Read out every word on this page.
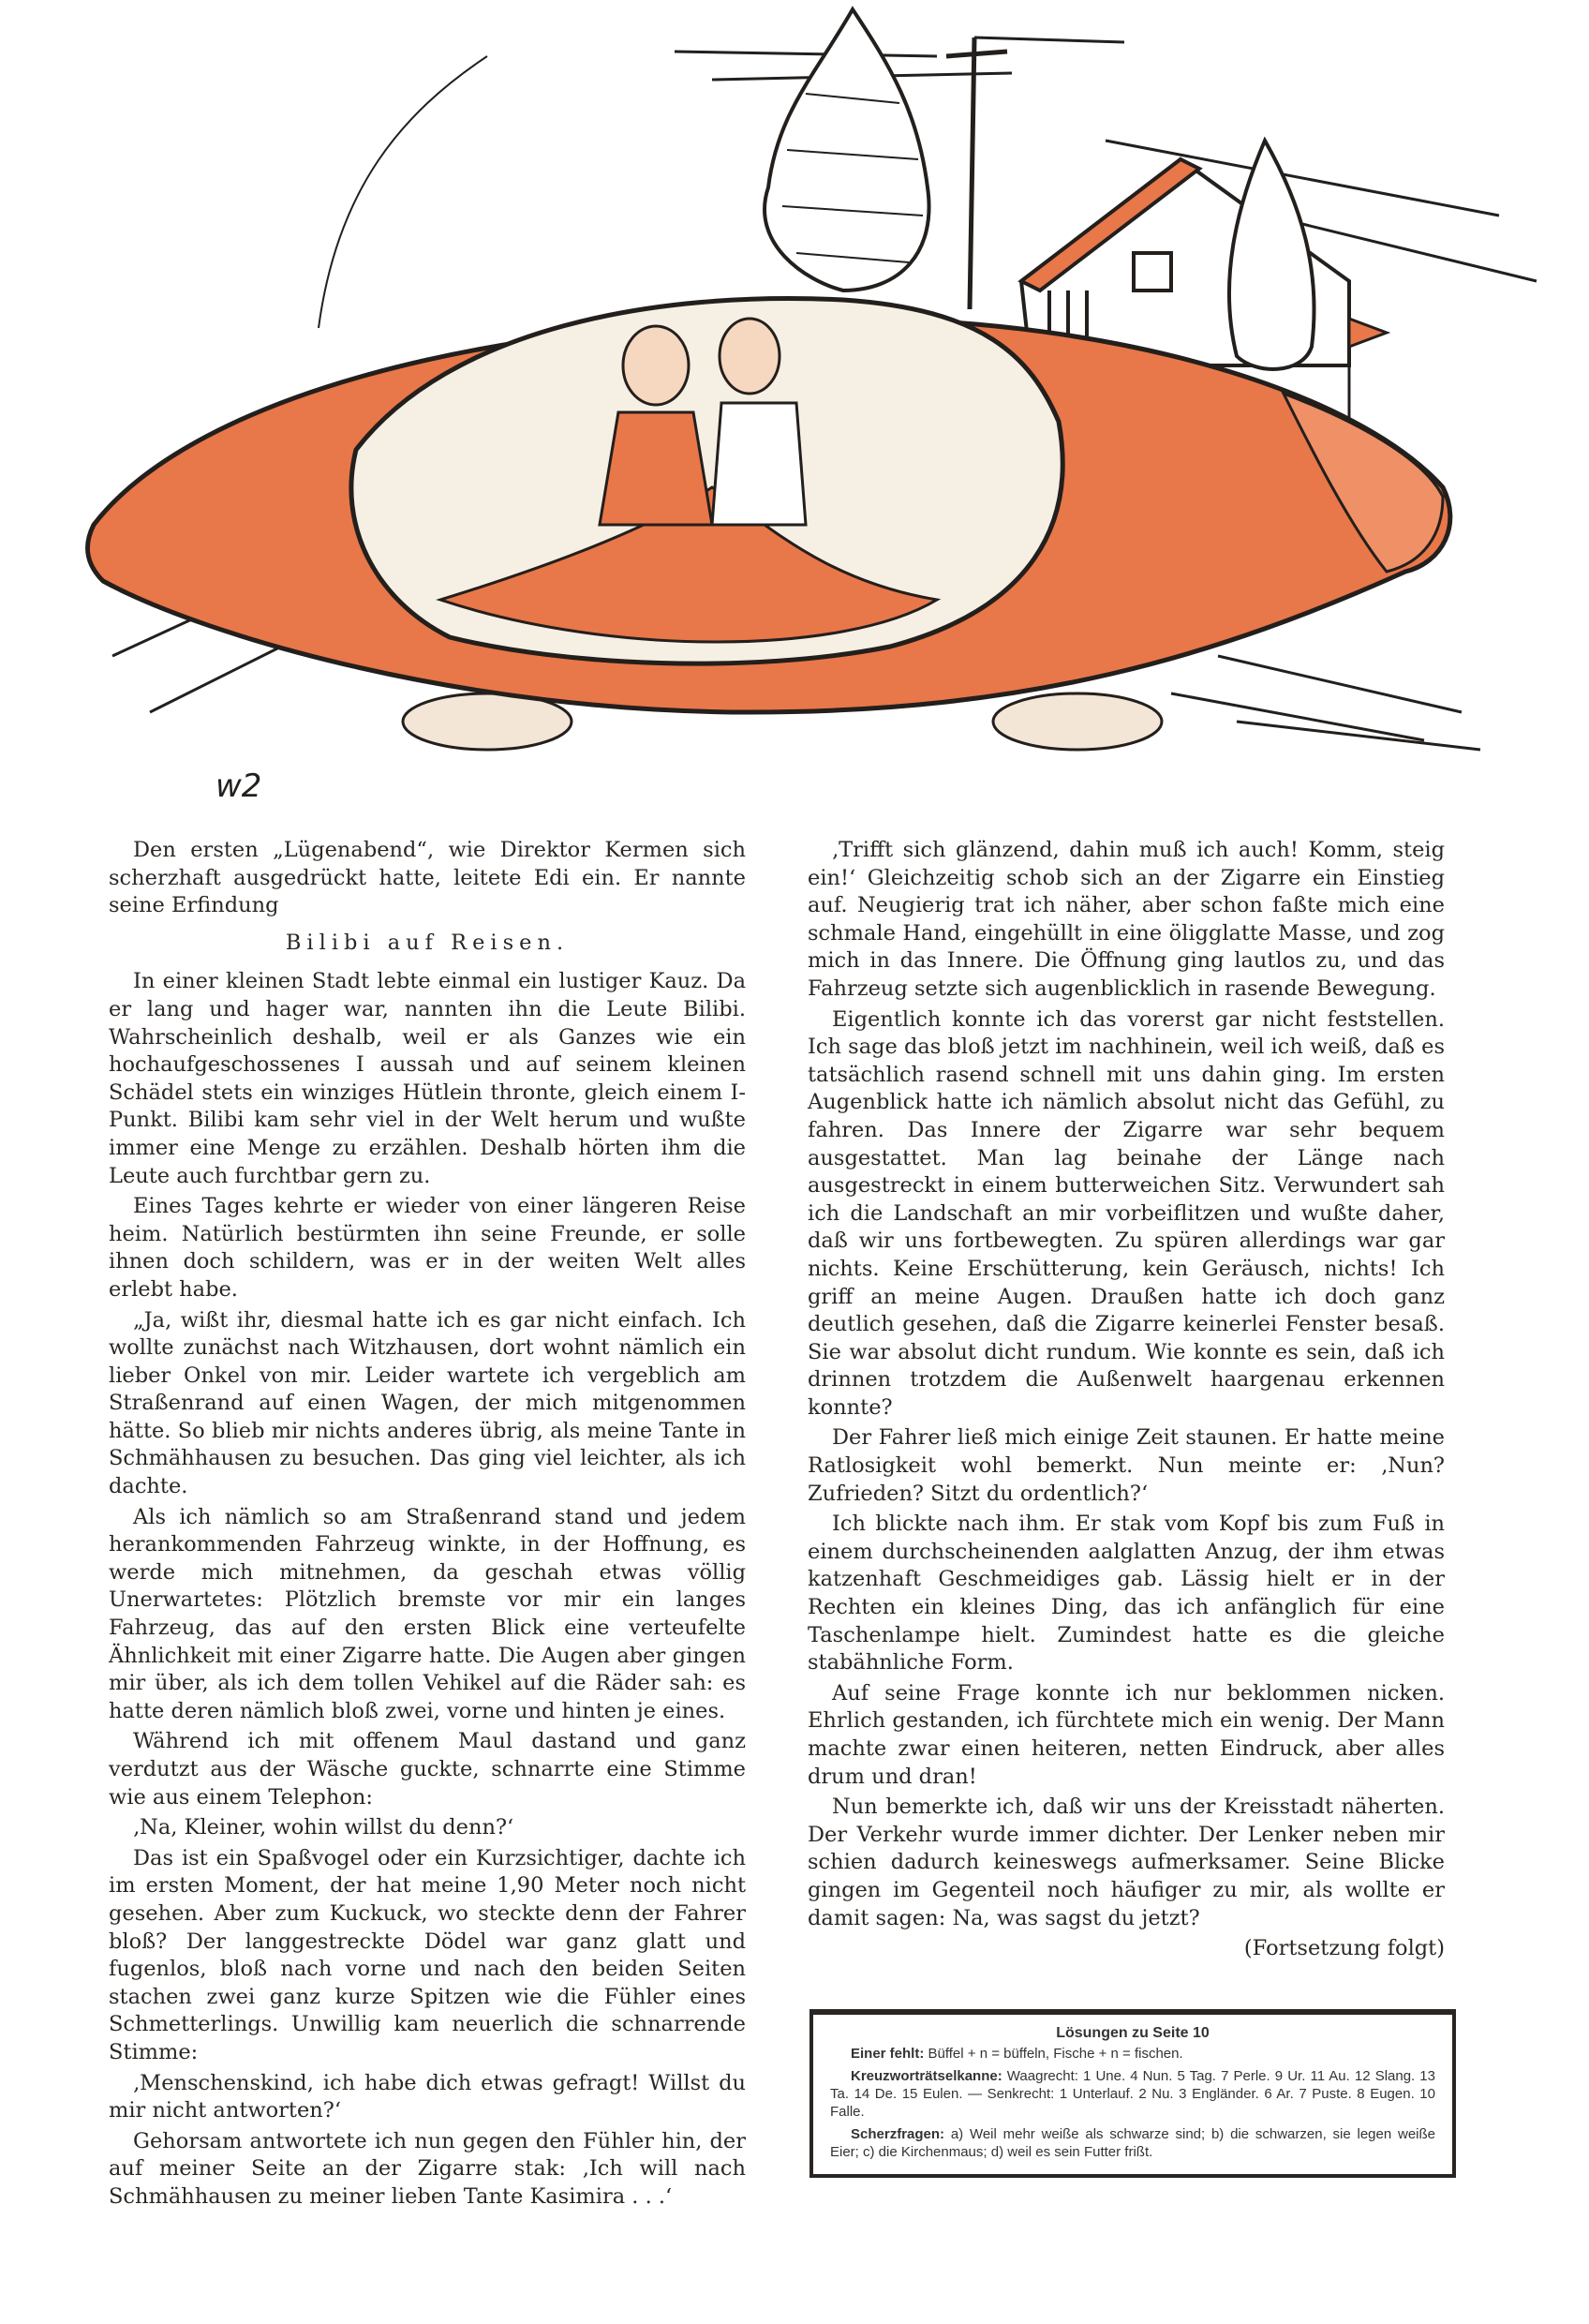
w2

Den ersten „Lügenabend“, wie Direktor Kermen sich scherzhaft ausgedrückt hatte, leitete Edi ein. Er nannte seine Erfindung

Bilibi auf Reisen.

In einer kleinen Stadt lebte einmal ein lustiger Kauz. Da er lang und hager war, nannten ihn die Leute Bilibi. Wahrscheinlich deshalb, weil er als Ganzes wie ein hochaufgeschossenes I aussah und auf seinem kleinen Schädel stets ein winziges Hütlein thronte, gleich einem I-Punkt. Bilibi kam sehr viel in der Welt herum und wußte immer eine Menge zu erzählen. Deshalb hörten ihm die Leute auch furchtbar gern zu.

Eines Tages kehrte er wieder von einer längeren Reise heim. Natürlich bestürmten ihn seine Freunde, er solle ihnen doch schildern, was er in der weiten Welt alles erlebt habe.

„Ja, wißt ihr, diesmal hatte ich es gar nicht einfach. Ich wollte zunächst nach Witzhausen, dort wohnt nämlich ein lieber Onkel von mir. Leider wartete ich vergeblich am Straßenrand auf einen Wagen, der mich mitgenommen hätte. So blieb mir nichts anderes übrig, als meine Tante in Schmähhausen zu besuchen. Das ging viel leichter, als ich dachte.

Als ich nämlich so am Straßenrand stand und jedem herankommenden Fahrzeug winkte, in der Hoffnung, es werde mich mitnehmen, da geschah etwas völlig Unerwartetes: Plötzlich bremste vor mir ein langes Fahrzeug, das auf den ersten Blick eine verteufelte Ähnlichkeit mit einer Zigarre hatte. Die Augen aber gingen mir über, als ich dem tollen Vehikel auf die Räder sah: es hatte deren nämlich bloß zwei, vorne und hinten je eines.

Während ich mit offenem Maul dastand und ganz verdutzt aus der Wäsche guckte, schnarrte eine Stimme wie aus einem Telephon:

‚Na, Kleiner, wohin willst du denn?‘

Das ist ein Spaßvogel oder ein Kurzsichtiger, dachte ich im ersten Moment, der hat meine 1,90 Meter noch nicht gesehen. Aber zum Kuckuck, wo steckte denn der Fahrer bloß? Der langgestreckte Dödel war ganz glatt und fugenlos, bloß nach vorne und nach den beiden Seiten stachen zwei ganz kurze Spitzen wie die Fühler eines Schmetterlings. Unwillig kam neuerlich die schnarrende Stimme:

‚Menschenskind, ich habe dich etwas gefragt! Willst du mir nicht antworten?‘

Gehorsam antwortete ich nun gegen den Fühler hin, der auf meiner Seite an der Zigarre stak: ‚Ich will nach Schmähhausen zu meiner lieben Tante Kasimira . . .‘

‚Trifft sich glänzend, dahin muß ich auch! Komm, steig ein!‘ Gleichzeitig schob sich an der Zigarre ein Einstieg auf. Neugierig trat ich näher, aber schon faßte mich eine schmale Hand, eingehüllt in eine öligglatte Masse, und zog mich in das Innere. Die Öffnung ging lautlos zu, und das Fahrzeug setzte sich augenblicklich in rasende Bewegung.

Eigentlich konnte ich das vorerst gar nicht feststellen. Ich sage das bloß jetzt im nachhinein, weil ich weiß, daß es tatsächlich rasend schnell mit uns dahin ging. Im ersten Augenblick hatte ich nämlich absolut nicht das Gefühl, zu fahren. Das Innere der Zigarre war sehr bequem ausgestattet. Man lag beinahe der Länge nach ausgestreckt in einem butterweichen Sitz. Verwundert sah ich die Landschaft an mir vorbeiflitzen und wußte daher, daß wir uns fortbewegten. Zu spüren allerdings war gar nichts. Keine Erschütterung, kein Geräusch, nichts! Ich griff an meine Augen. Draußen hatte ich doch ganz deutlich gesehen, daß die Zigarre keinerlei Fenster besaß. Sie war absolut dicht rundum. Wie konnte es sein, daß ich drinnen trotzdem die Außenwelt haargenau erkennen konnte?

Der Fahrer ließ mich einige Zeit staunen. Er hatte meine Ratlosigkeit wohl bemerkt. Nun meinte er: ‚Nun? Zufrieden? Sitzt du ordentlich?‘

Ich blickte nach ihm. Er stak vom Kopf bis zum Fuß in einem durchscheinenden aalglatten Anzug, der ihm etwas katzenhaft Geschmeidiges gab. Lässig hielt er in der Rechten ein kleines Ding, das ich anfänglich für eine Taschenlampe hielt. Zumindest hatte es die gleiche stabähnliche Form.

Auf seine Frage konnte ich nur beklommen nicken. Ehrlich gestanden, ich fürchtete mich ein wenig. Der Mann machte zwar einen heiteren, netten Eindruck, aber alles drum und dran!

Nun bemerkte ich, daß wir uns der Kreisstadt näherten. Der Verkehr wurde immer dichter. Der Lenker neben mir schien dadurch keineswegs aufmerksamer. Seine Blicke gingen im Gegenteil noch häufiger zu mir, als wollte er damit sagen: Na, was sagst du jetzt?

(Fortsetzung folgt)
Lösungen zu Seite 10

Einer fehlt: Büffel + n = büffeln, Fische + n = fischen.

Kreuzworträtselkanne: Waagrecht: 1 Une. 4 Nun. 5 Tag. 7 Perle. 9 Ur. 11 Au. 12 Slang. 13 Ta. 14 De. 15 Eulen. — Senkrecht: 1 Unterlauf. 2 Nu. 3 Engländer. 6 Ar. 7 Puste. 8 Eugen. 10 Falle.

Scherzfragen: a) Weil mehr weiße als schwarze sind; b) die schwarzen, sie legen weiße Eier; c) die Kirchenmaus; d) weil es sein Futter frißt.
